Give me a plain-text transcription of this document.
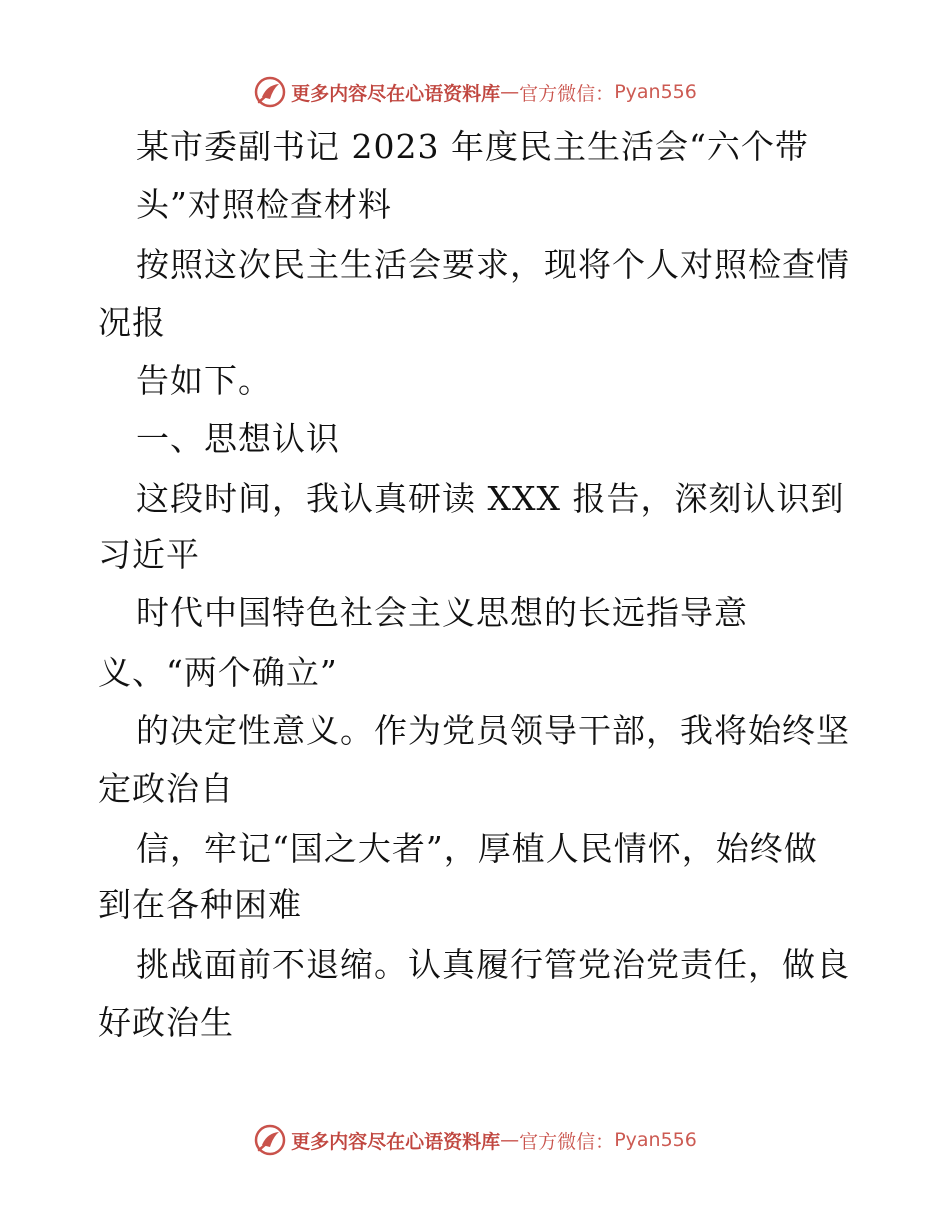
更多内容尽在心语资料库 — 官方微信： Pyan556
某市委副书记 2023 年度民主生活会“六个带
头”对照检查材料
按照这次民主生活会要求，现将个人对照检查情
况报
告如下。
一、思想认识
这段时间，我认真研读 XXX 报告，深刻认识到
习近平
时代中国特色社会主义思想的长远指导意
义、“两个确立”
的决定性意义。作为党员领导干部，我将始终坚
定政治自
信，牢记“国之大者”，厚植人民情怀，始终做
到在各种困难
挑战面前不退缩。认真履行管党治党责任，做良
好政治生
更多内容尽在心语资料库 — 官方微信： Pyan556
